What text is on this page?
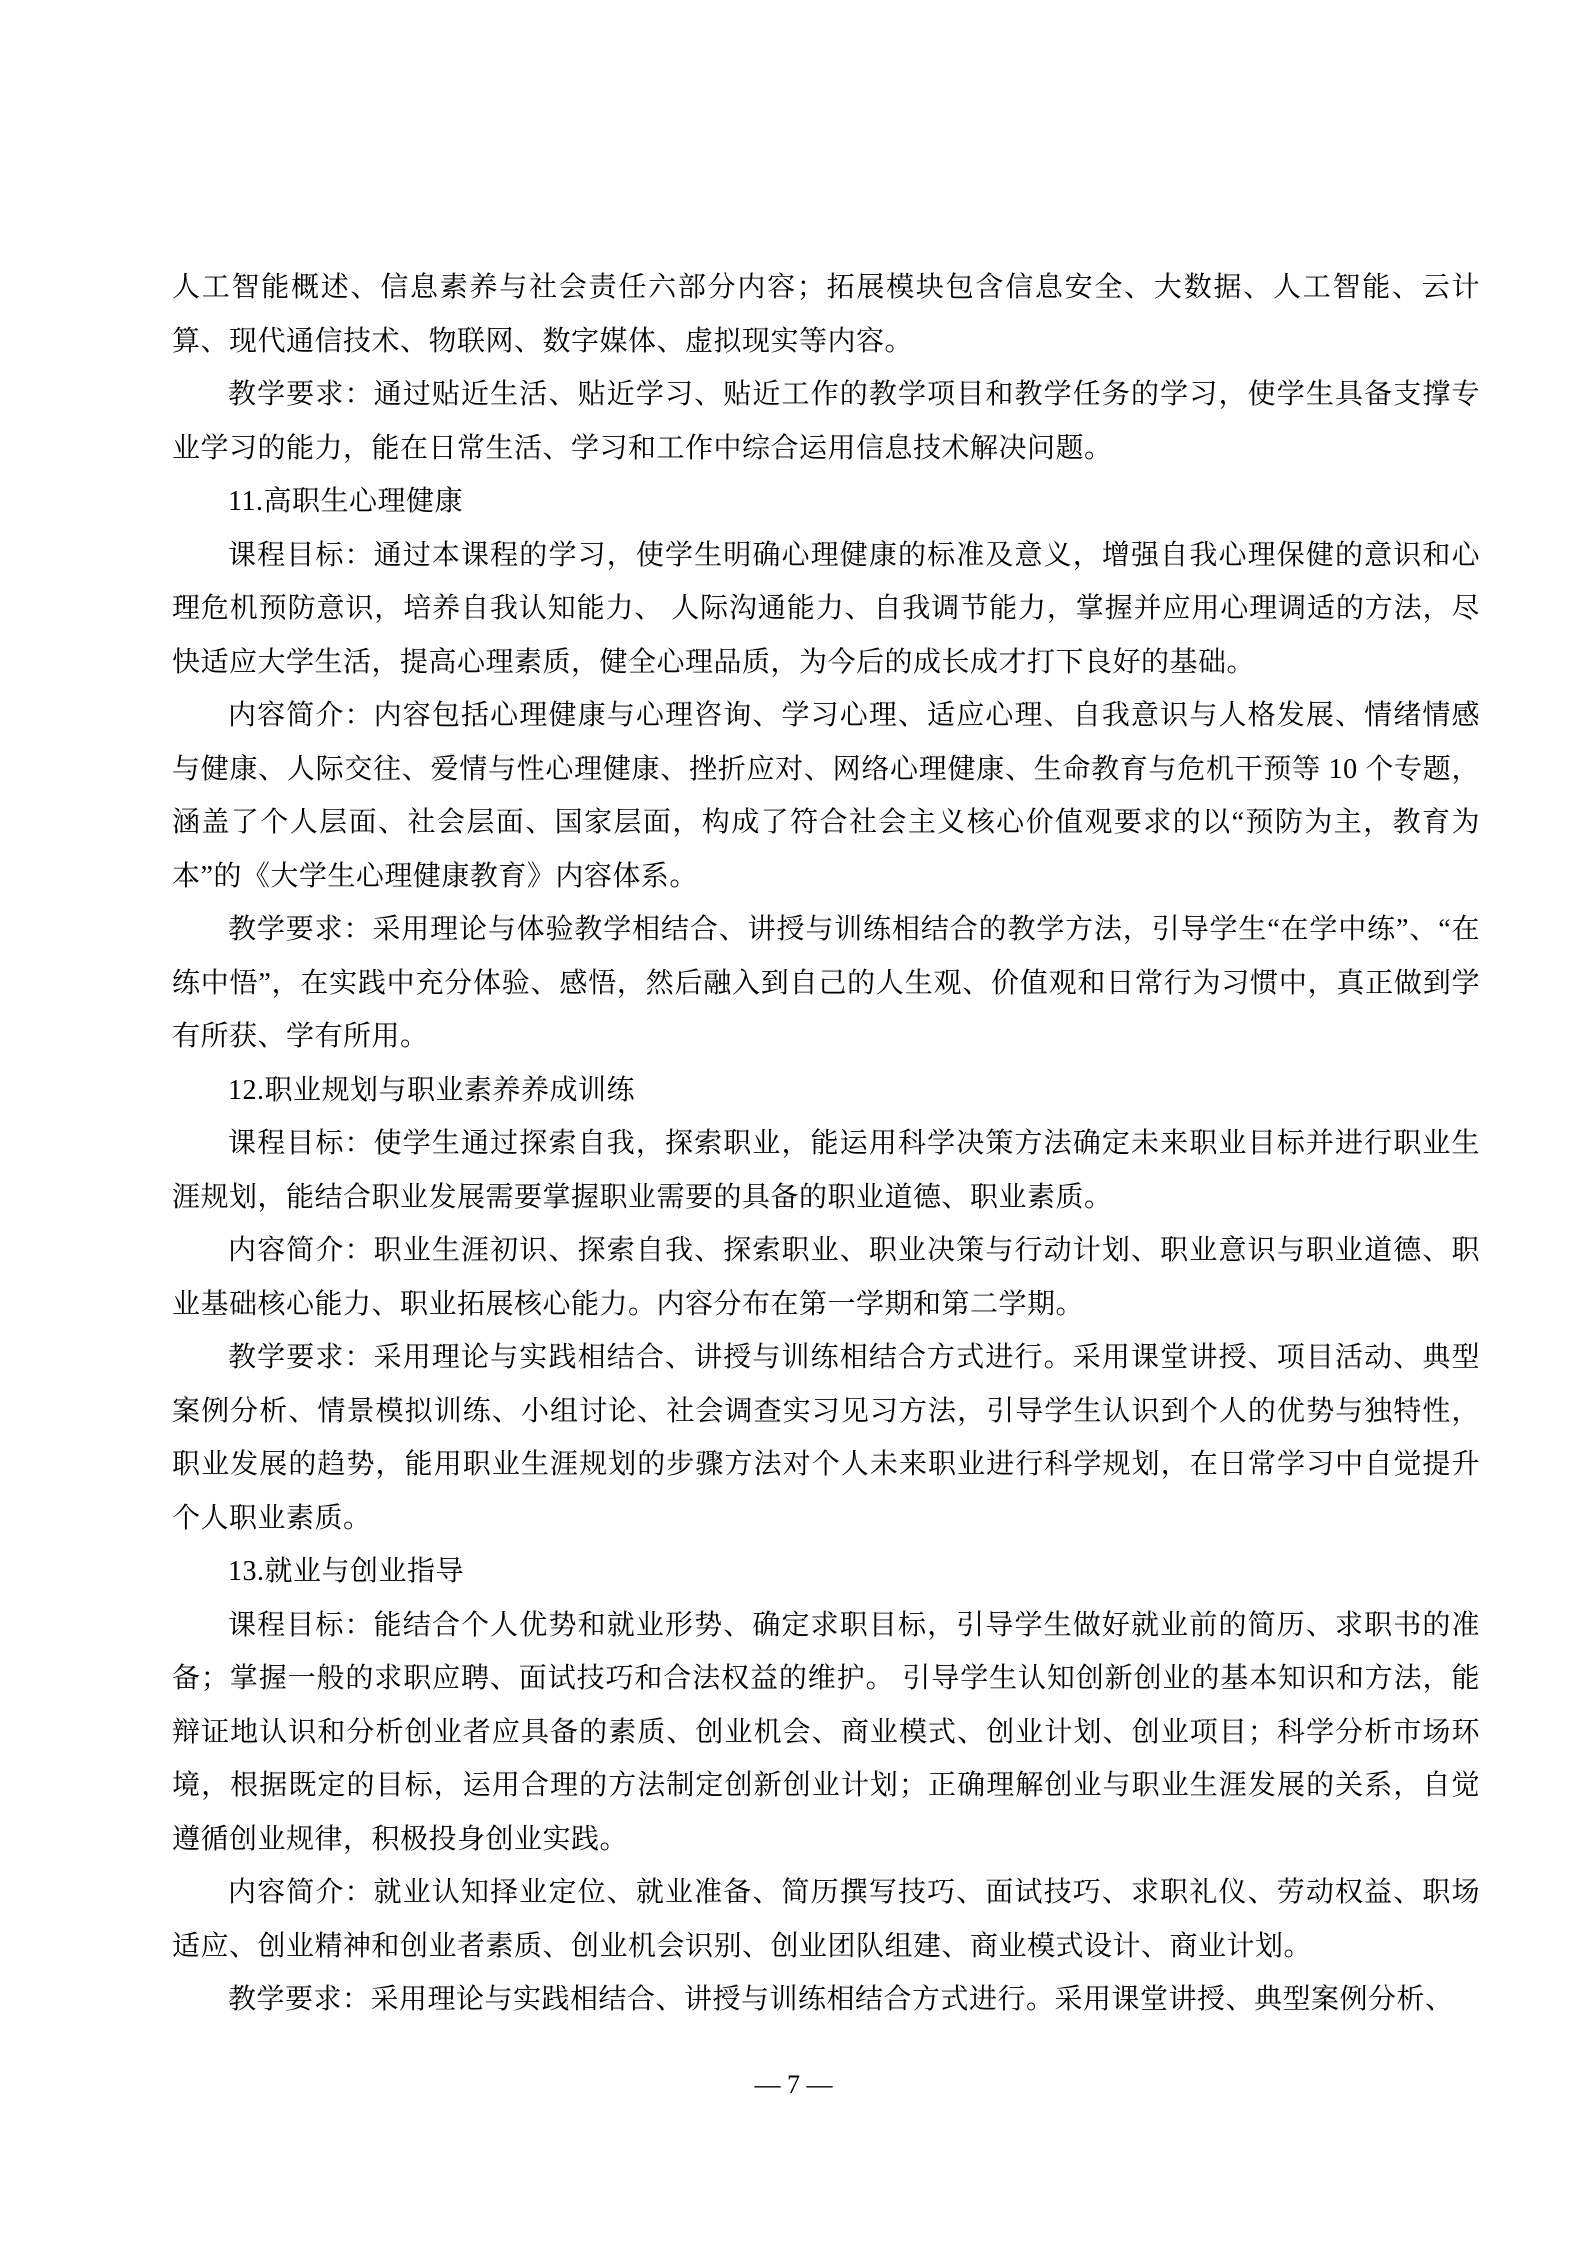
人工智能概述、信息素养与社会责任六部分内容；拓展模块包含信息安全、大数据、人工智能、云计算、现代通信技术、物联网、数字媒体、虚拟现实等内容。

教学要求：通过贴近生活、贴近学习、贴近工作的教学项目和教学任务的学习，使学生具备支撑专业学习的能力，能在日常生活、学习和工作中综合运用信息技术解决问题。

11.高职生心理健康

课程目标：通过本课程的学习，使学生明确心理健康的标准及意义，增强自我心理保健的意识和心理危机预防意识，培养自我认知能力、 人际沟通能力、自我调节能力，掌握并应用心理调适的方法，尽快适应大学生活，提高心理素质，健全心理品质，为今后的成长成才打下良好的基础。

内容简介：内容包括心理健康与心理咨询、学习心理、适应心理、自我意识与人格发展、情绪情感与健康、人际交往、爱情与性心理健康、挫折应对、网络心理健康、生命教育与危机干预等 10 个专题，涵盖了个人层面、社会层面、国家层面，构成了符合社会主义核心价值观要求的以“预防为主，教育为本”的《大学生心理健康教育》内容体系。

教学要求：采用理论与体验教学相结合、讲授与训练相结合的教学方法，引导学生“在学中练”、“在练中悟”，在实践中充分体验、感悟，然后融入到自己的人生观、价值观和日常行为习惯中，真正做到学有所获、学有所用。

12.职业规划与职业素养养成训练

课程目标：使学生通过探索自我，探索职业，能运用科学决策方法确定未来职业目标并进行职业生涯规划，能结合职业发展需要掌握职业需要的具备的职业道德、职业素质。

内容简介：职业生涯初识、探索自我、探索职业、职业决策与行动计划、职业意识与职业道德、职业基础核心能力、职业拓展核心能力。内容分布在第一学期和第二学期。

教学要求：采用理论与实践相结合、讲授与训练相结合方式进行。采用课堂讲授、项目活动、典型案例分析、情景模拟训练、小组讨论、社会调查实习见习方法，引导学生认识到个人的优势与独特性，职业发展的趋势，能用职业生涯规划的步骤方法对个人未来职业进行科学规划，在日常学习中自觉提升个人职业素质。

13.就业与创业指导

课程目标：能结合个人优势和就业形势、确定求职目标，引导学生做好就业前的简历、求职书的准备；掌握一般的求职应聘、面试技巧和合法权益的维护。 引导学生认知创新创业的基本知识和方法，能辩证地认识和分析创业者应具备的素质、创业机会、商业模式、创业计划、创业项目；科学分析市场环境，根据既定的目标，运用合理的方法制定创新创业计划；正确理解创业与职业生涯发展的关系，自觉遵循创业规律，积极投身创业实践。

内容简介：就业认知择业定位、就业准备、简历撰写技巧、面试技巧、求职礼仪、劳动权益、职场适应、创业精神和创业者素质、创业机会识别、创业团队组建、商业模式设计、商业计划。

教学要求：采用理论与实践相结合、讲授与训练相结合方式进行。采用课堂讲授、典型案例分析、

— 7 —
